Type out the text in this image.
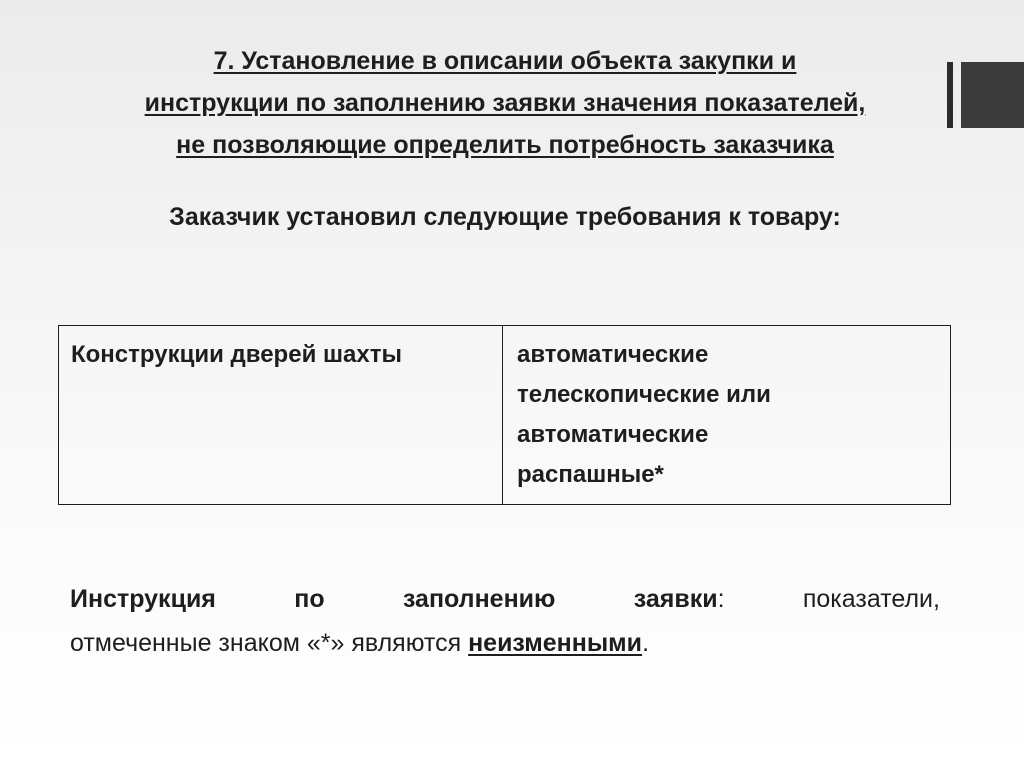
7. Установление в описании объекта закупки и
инструкции по заполнению заявки значения показателей,
не позволяющие определить потребность заказчика

Заказчик установил следующие требования к товару:

Конструкции дверей шахты	автоматические
телескопические или
автоматические
распашные*
Инструкция	по	заполнению	заявки:	показатели,
отмеченные знаком «*» являются неизменными.
